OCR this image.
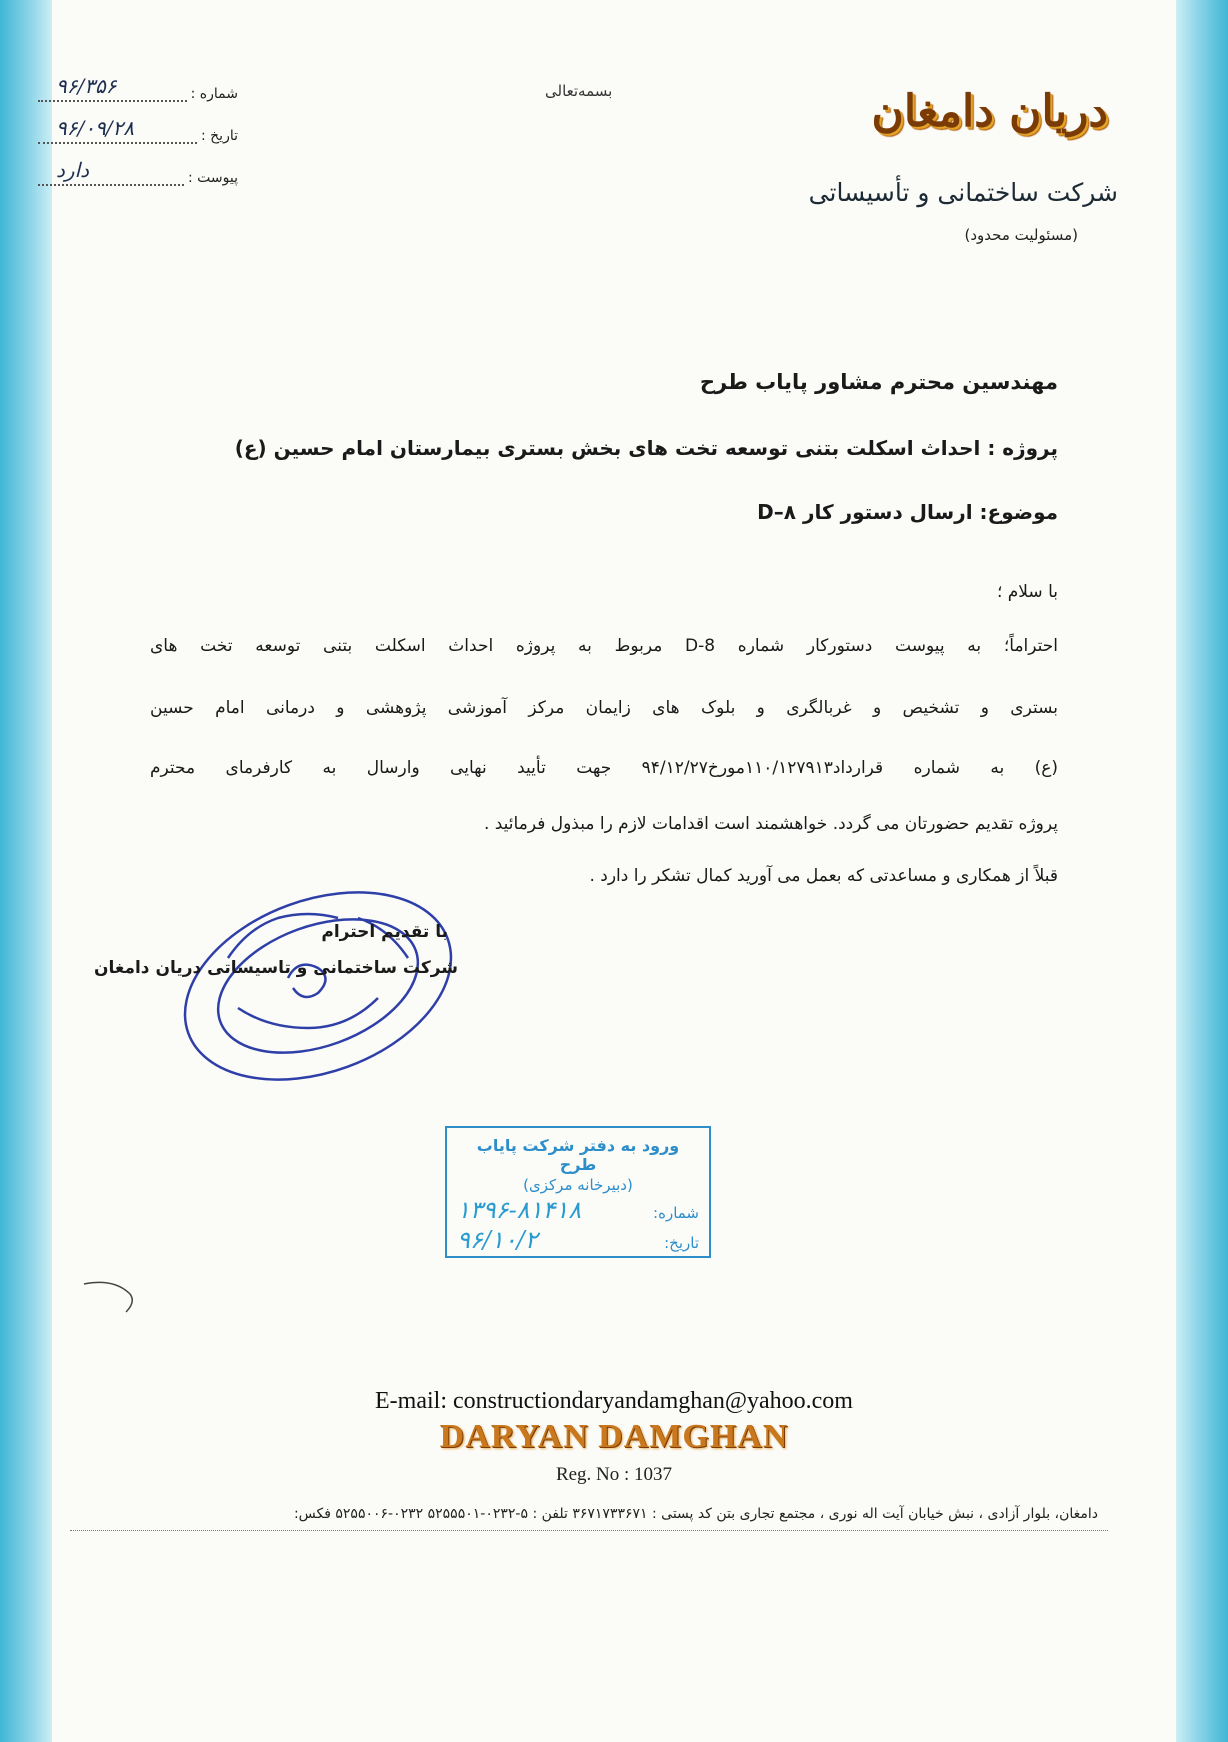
بسمه‌تعالی	دریان دامغان
شرکت ساختمانی و تأسیساتی
(مسئولیت محدود)
شماره :
۹۶/۳۵۶
تاریخ :
۹۶/۰۹/۲۸
پیوست :
دارد
مهندسین محترم مشاور پایاب طرح
پروژه : احداث اسکلت بتنی توسعه تخت های بخش بستری بیمارستان امام حسین (ع)
موضوع: ارسال دستور کار D–۸
با سلام ؛
احتراماً؛ به پیوست دستورکار شماره D-8 مربوط به پروژه احداث اسکلت بتنی توسعه تخت های
بستری و تشخیص و غربالگری و بلوک های زایمان مرکز آموزشی پژوهشی و درمانی امام حسین
(ع) به شماره قرارداد۱۱۰/۱۲۷۹۱۳مورخ۹۴/۱۲/۲۷ جهت تأیید نهایی وارسال به کارفرمای محترم
پروژه تقدیم حضورتان می گردد. خواهشمند است اقدامات لازم را مبذول فرمائید .
قبلاً از همکاری و مساعدتی که بعمل می آورید کمال تشکر را دارد .
با تقدیم احترام
شرکت ساختمانی و تاسیساتی دریان دامغان
ورود به دفتر شرکت پایاب طرح
(دبیرخانه مرکزی)
شماره:
۱۳۹۶-۸۱۴۱۸
تاریخ:
۹۶/۱۰/۲
E-mail: constructiondaryandamghan@yahoo.com
DARYAN DAMGHAN
Reg. No : 1037
دامغان، بلوار آزادی ، نبش خیابان آیت اله نوری ، مجتمع تجاری بتن کد پستی : ۳۶۷۱۷۳۳۶۷۱ تلفن : ۵-۰۲۳۲-۵۲۵۵۵۰۱ ۰۲۳۲-۵۲۵۵۰۰۶ فکس:
